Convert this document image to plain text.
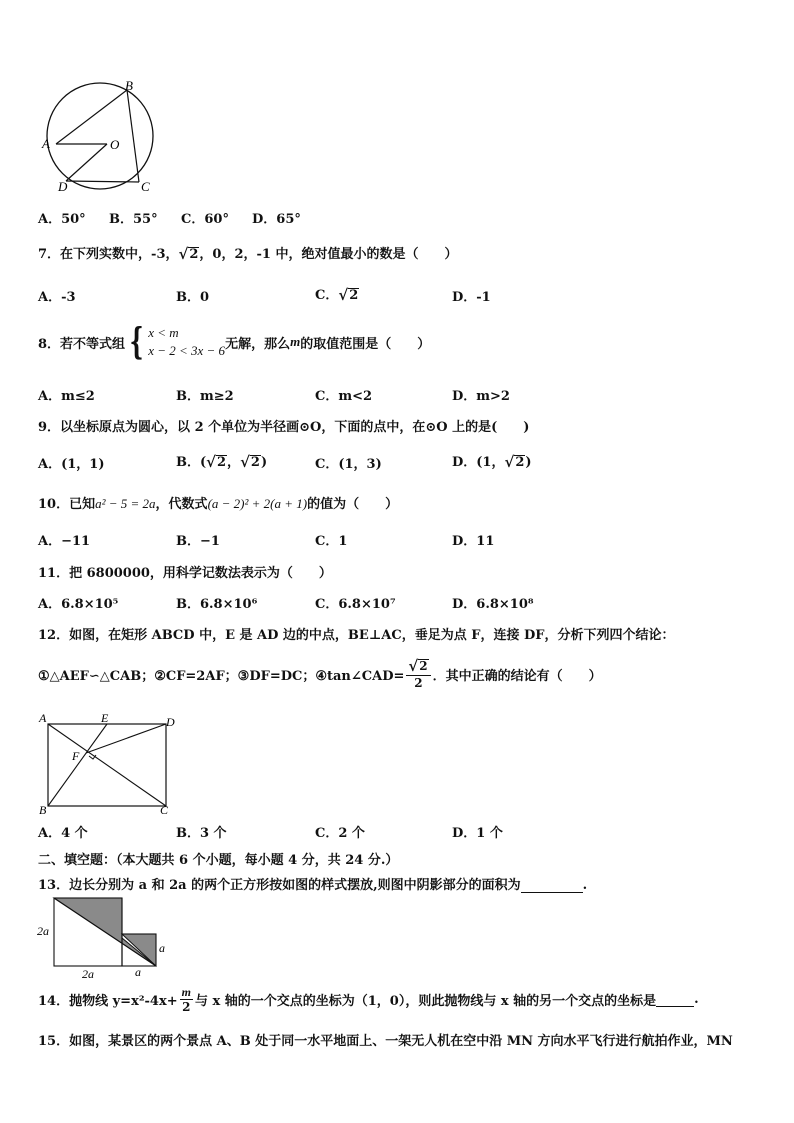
A
B
C
D
O
A．50° B．55° C．60° D．65°
7．在下列实数中，-3， √ 2 ，0，2，-1 中，绝对值最小的数是（　　）
A．-3	B．0	C． √ 2	D．-1
8．若不等式组 { x < m
x − 2 < 3x − 6 无解，那么 m 的取值范围是（　　）
A．m≤2	B．m≥2	C．m<2	D．m>2
9．以坐标原点为圆心，以 2 个单位为半径画⊙O，下面的点中，在⊙O 上的是(　　)
A．(1，1)	B．( √ 2 ， √ 2 )	C．(1，3)	D．(1， √ 2 )
10．已知a² − 5 = 2a，代数式(a − 2)² + 2(a + 1)的值为（　　）
A．−11	B．−1	C．1	D．11
11．把 6800000，用科学记数法表示为（　　）
A．6.8×10⁵	B．6.8×10⁶	C．6.8×10⁷	D．6.8×10⁸
12．如图，在矩形 ABCD 中，E 是 AD 边的中点，BE⊥AC，垂足为点 F，连接 DF，分析下列四个结论：
①△AEF∽△CAB；②CF=2AF；③DF=DC；④tan∠CAD= $\frac{√ 2}{2}$ ．其中正确的结论有（　　）
A	E	D
F
B	C
A．4 个	B．3 个	C．2 个	D．1 个
二、填空题：（本大题共 6 个小题，每小题 4 分，共 24 分.）
13．边长分别为 a 和 2a 的两个正方形按如图的样式摆放,则图中阴影部分的面积为	.
2a
2a	a
a
14．抛物线 $y=x^2-4x+ \frac{m}{2}$ 与 x 轴的一个交点的坐标为（1，0），则此抛物线与 x 轴的另一个交点的坐标是	.
15．如图，某景区的两个景点 A、B 处于同一水平地面上、一架无人机在空中沿 MN 方向水平飞行进行航拍作业，MN
